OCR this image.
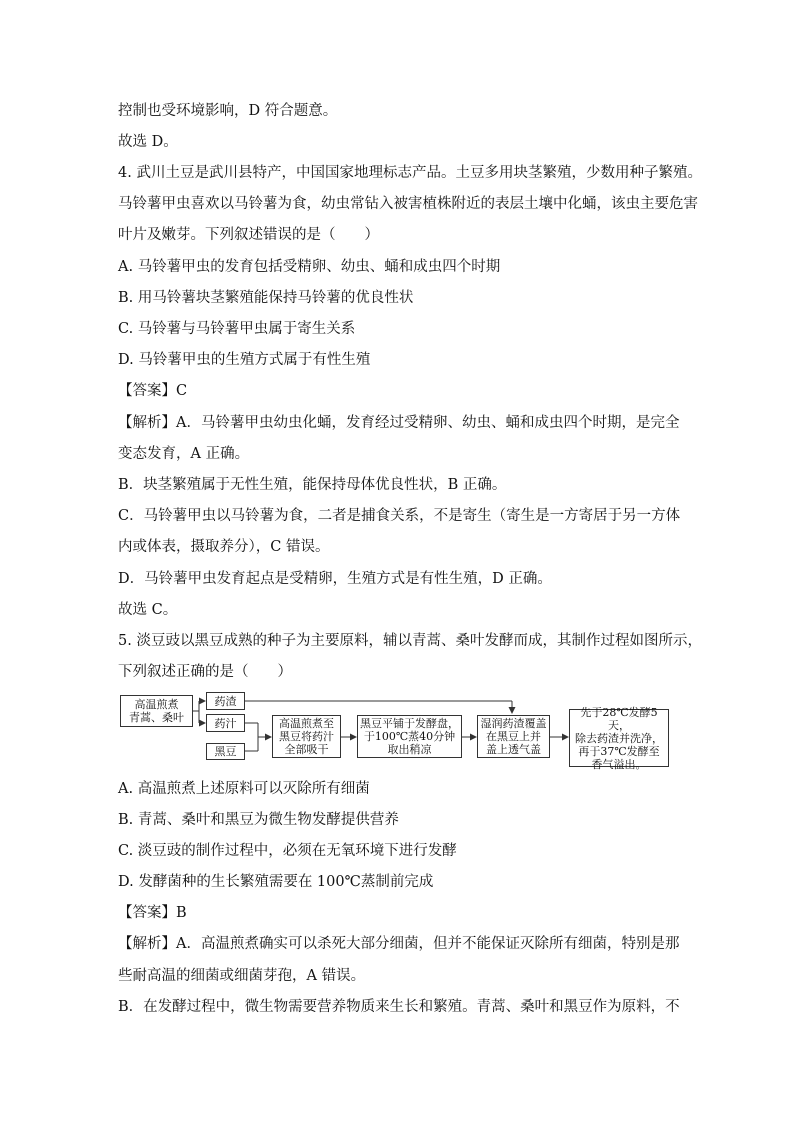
控制也受环境影响，D 符合题意。
故选 D。
4. 武川土豆是武川县特产，中国国家地理标志产品。土豆多用块茎繁殖，少数用种子繁殖。
马铃薯甲虫喜欢以马铃薯为食，幼虫常钻入被害植株附近的表层土壤中化蛹，该虫主要危害
叶片及嫩芽。下列叙述错误的是（　　）
A. 马铃薯甲虫的发育包括受精卵、幼虫、蛹和成虫四个时期
B. 用马铃薯块茎繁殖能保持马铃薯的优良性状
C. 马铃薯与马铃薯甲虫属于寄生关系
D. 马铃薯甲虫的生殖方式属于有性生殖
【答案】C
【解析】A．马铃薯甲虫幼虫化蛹，发育经过受精卵、幼虫、蛹和成虫四个时期，是完全
变态发育，A 正确。
B．块茎繁殖属于无性生殖，能保持母体优良性状，B 正确。
C．马铃薯甲虫以马铃薯为食，二者是捕食关系，不是寄生（寄生是一方寄居于另一方体
内或体表，摄取养分），C 错误。
D．马铃薯甲虫发育起点是受精卵，生殖方式是有性生殖，D 正确。
故选 C。
5. 淡豆豉以黑豆成熟的种子为主要原料，辅以青蒿、桑叶发酵而成，其制作过程如图所示，
下列叙述正确的是（　　）
A. 高温煎煮上述原料可以灭除所有细菌
B. 青蒿、桑叶和黑豆为微生物发酵提供营养
C. 淡豆豉的制作过程中，必须在无氧环境下进行发酵
D. 发酵菌种的生长繁殖需要在 100℃蒸制前完成
【答案】B
【解析】A．高温煎煮确实可以杀死大部分细菌，但并不能保证灭除所有细菌，特别是那
些耐高温的细菌或细菌芽孢，A 错误。
B．在发酵过程中，微生物需要营养物质来生长和繁殖。青蒿、桑叶和黑豆作为原料，不
高温煎煮
青蒿、桑叶
药渣
药汁
黑豆
高温煎煮至
黑豆将药汁
全部吸干
黑豆平铺于发酵盘，
于100℃蒸40分钟
取出稍凉
湿润药渣覆盖
在黑豆上并
盖上透气盖
先于28℃发酵5天，
除去药渣并洗净，
再于37℃发酵至
香气溢出。
